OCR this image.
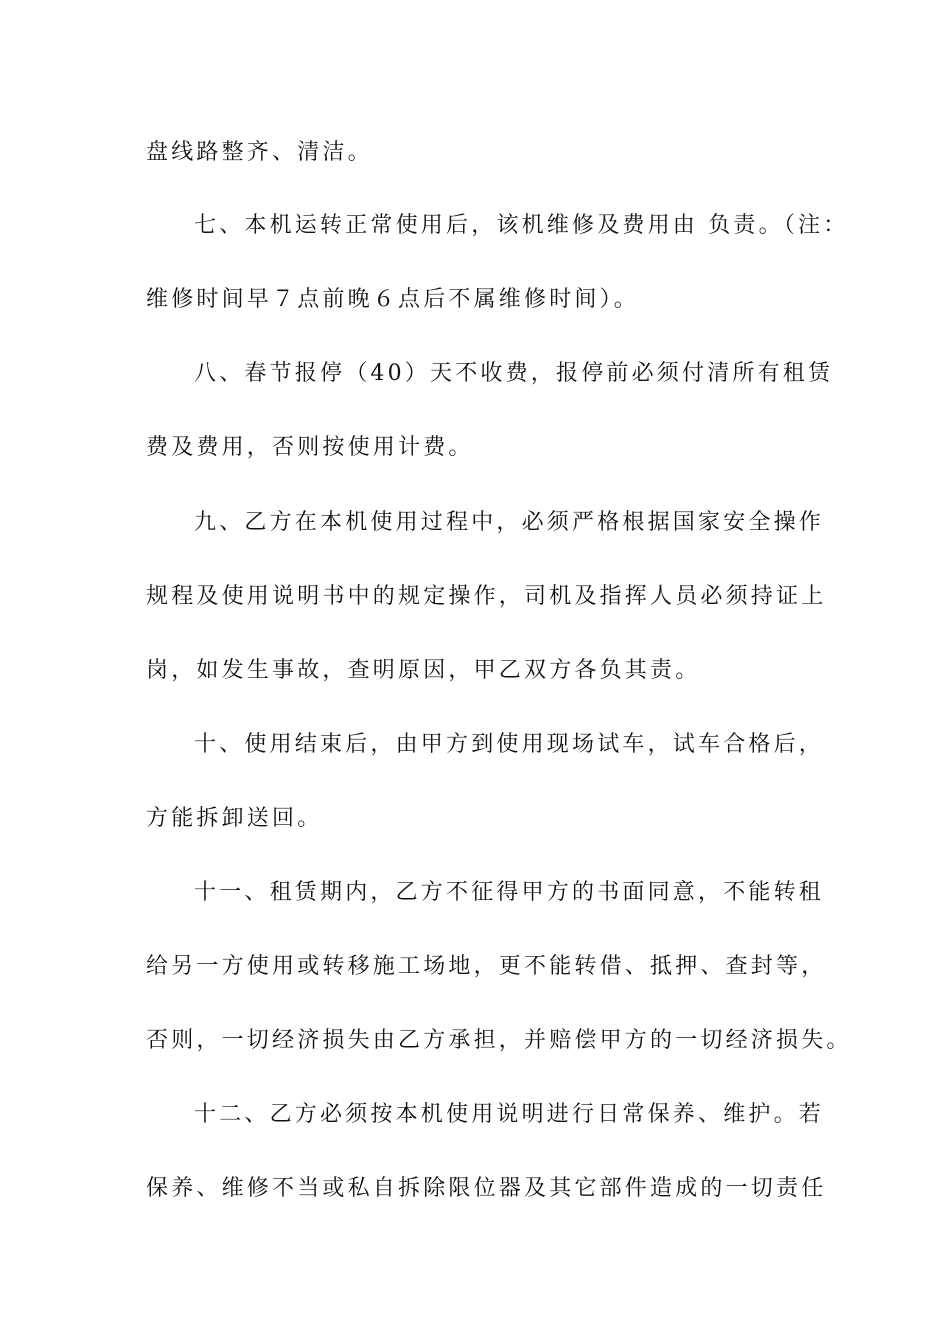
盘线路整齐、清洁。
七、本机运转正常使用后，该机维修及费用由 负责。（注：
维修时间早７点前晚６点后不属维修时间）。
八、春节报停（40）天不收费，报停前必须付清所有租赁
费及费用，否则按使用计费。
九、乙方在本机使用过程中，必须严格根据国家安全操作
规程及使用说明书中的规定操作，司机及指挥人员必须持证上
岗，如发生事故，查明原因，甲乙双方各负其责。
十、使用结束后，由甲方到使用现场试车，试车合格后，
方能拆卸送回。
十一、租赁期内，乙方不征得甲方的书面同意，不能转租
给另一方使用或转移施工场地，更不能转借、抵押、查封等，
否则，一切经济损失由乙方承担，并赔偿甲方的一切经济损失。
十二、乙方必须按本机使用说明进行日常保养、维护。若
保养、维修不当或私自拆除限位器及其它部件造成的一切责任
